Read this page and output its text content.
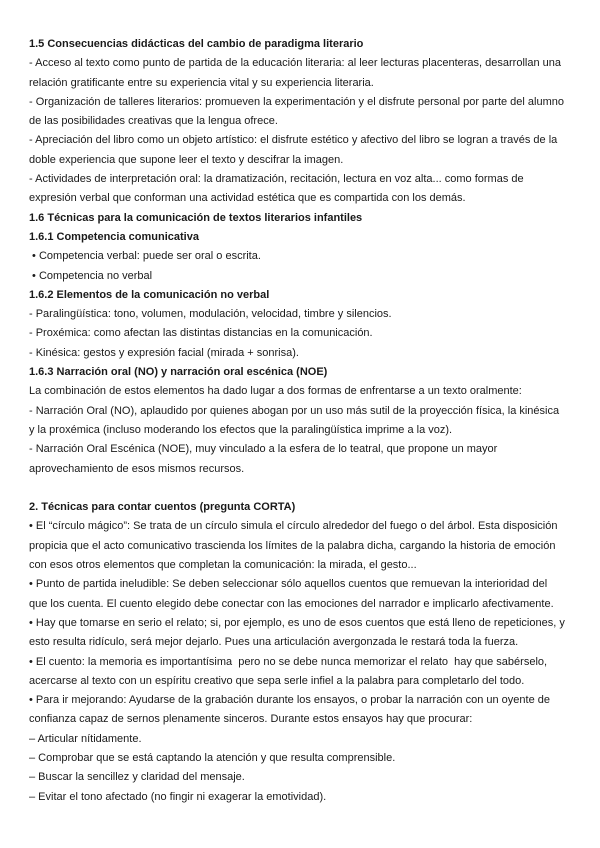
1.5 Consecuencias didácticas del cambio de paradigma literario
- Acceso al texto como punto de partida de la educación literaria: al leer lecturas placenteras, desarrollan una
relación gratificante entre su experiencia vital y su experiencia literaria.
- Organización de talleres literarios: promueven la experimentación y el disfrute personal por parte del alumno
de las posibilidades creativas que la lengua ofrece.
- Apreciación del libro como un objeto artístico: el disfrute estético y afectivo del libro se logran a través de la
doble experiencia que supone leer el texto y descifrar la imagen.
- Actividades de interpretación oral: la dramatización, recitación, lectura en voz alta... como formas de
expresión verbal que conforman una actividad estética que es compartida con los demás.
1.6 Técnicas para la comunicación de textos literarios infantiles
1.6.1 Competencia comunicativa
• Competencia verbal: puede ser oral o escrita.
• Competencia no verbal
1.6.2 Elementos de la comunicación no verbal
- Paralingüística: tono, volumen, modulación, velocidad, timbre y silencios.
- Proxémica: como afectan las distintas distancias en la comunicación.
- Kinésica: gestos y expresión facial (mirada + sonrisa).
1.6.3 Narración oral (NO) y narración oral escénica (NOE)
La combinación de estos elementos ha dado lugar a dos formas de enfrentarse a un texto oralmente:
- Narración Oral (NO), aplaudido por quienes abogan por un uso más sutil de la proyección física, la kinésica
y la proxémica (incluso moderando los efectos que la paralingüística imprime a la voz).
- Narración Oral Escénica (NOE), muy vinculado a la esfera de lo teatral, que propone un mayor
aprovechamiento de esos mismos recursos.
2. Técnicas para contar cuentos (pregunta CORTA)
• El “círculo mágico”: Se trata de un círculo simula el círculo alrededor del fuego o del árbol. Esta disposición
propicia que el acto comunicativo trascienda los límites de la palabra dicha, cargando la historia de emoción
con esos otros elementos que completan la comunicación: la mirada, el gesto...
• Punto de partida ineludible: Se deben seleccionar sólo aquellos cuentos que remuevan la interioridad del
que los cuenta. El cuento elegido debe conectar con las emociones del narrador e implicarlo afectivamente.
• Hay que tomarse en serio el relato; si, por ejemplo, es uno de esos cuentos que está lleno de repeticiones, y
esto resulta ridículo, será mejor dejarlo. Pues una articulación avergonzada le restará toda la fuerza.
• El cuento: la memoria es importantísima  pero no se debe nunca memorizar el relato  hay que sabérselo,
acercarse al texto con un espíritu creativo que sepa serle infiel a la palabra para completarlo del todo.
• Para ir mejorando: Ayudarse de la grabación durante los ensayos, o probar la narración con un oyente de
confianza capaz de sernos plenamente sinceros. Durante estos ensayos hay que procurar:
– Articular nítidamente.
– Comprobar que se está captando la atención y que resulta comprensible.
– Buscar la sencillez y claridad del mensaje.
– Evitar el tono afectado (no fingir ni exagerar la emotividad).
